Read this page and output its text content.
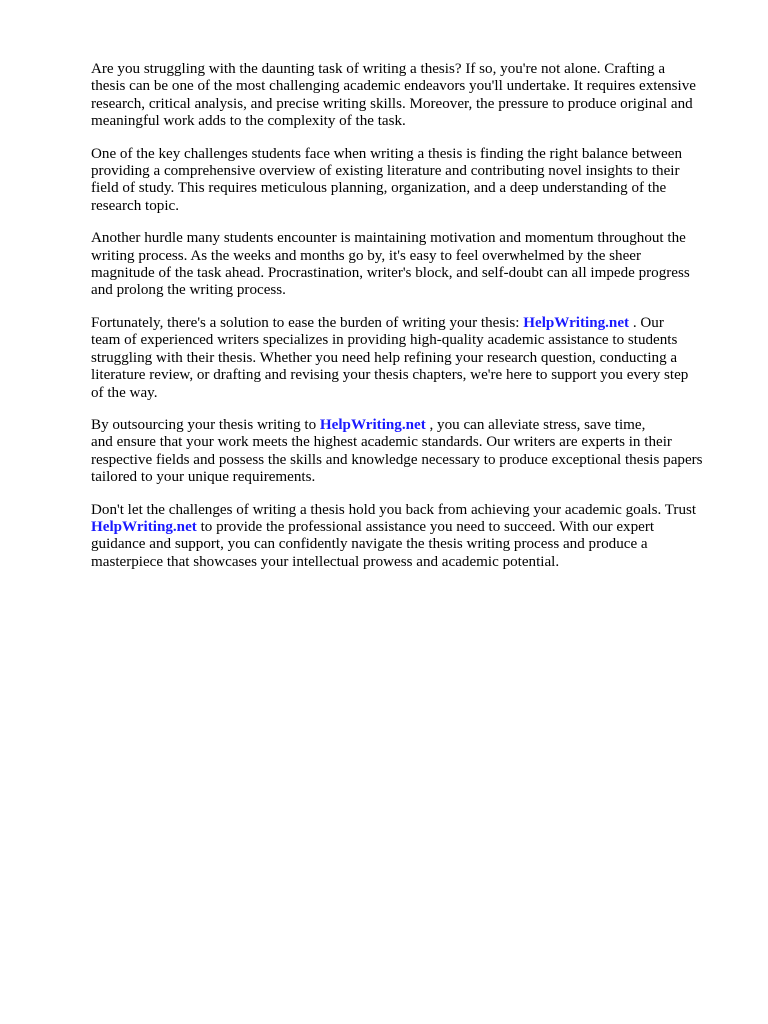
Are you struggling with the daunting task of writing a thesis? If so, you're not alone. Crafting a
thesis can be one of the most challenging academic endeavors you'll undertake. It requires extensive
research, critical analysis, and precise writing skills. Moreover, the pressure to produce original and
meaningful work adds to the complexity of the task.

One of the key challenges students face when writing a thesis is finding the right balance between
providing a comprehensive overview of existing literature and contributing novel insights to their
field of study. This requires meticulous planning, organization, and a deep understanding of the
research topic.

Another hurdle many students encounter is maintaining motivation and momentum throughout the
writing process. As the weeks and months go by, it's easy to feel overwhelmed by the sheer
magnitude of the task ahead. Procrastination, writer's block, and self-doubt can all impede progress
and prolong the writing process.

Fortunately, there's a solution to ease the burden of writing your thesis: HelpWriting.net . Our
team of experienced writers specializes in providing high-quality academic assistance to students
struggling with their thesis. Whether you need help refining your research question, conducting a
literature review, or drafting and revising your thesis chapters, we're here to support you every step
of the way.

By outsourcing your thesis writing to HelpWriting.net , you can alleviate stress, save time,
and ensure that your work meets the highest academic standards. Our writers are experts in their
respective fields and possess the skills and knowledge necessary to produce exceptional thesis papers
tailored to your unique requirements.

Don't let the challenges of writing a thesis hold you back from achieving your academic goals. Trust
HelpWriting.net to provide the professional assistance you need to succeed. With our expert
guidance and support, you can confidently navigate the thesis writing process and produce a
masterpiece that showcases your intellectual prowess and academic potential.
